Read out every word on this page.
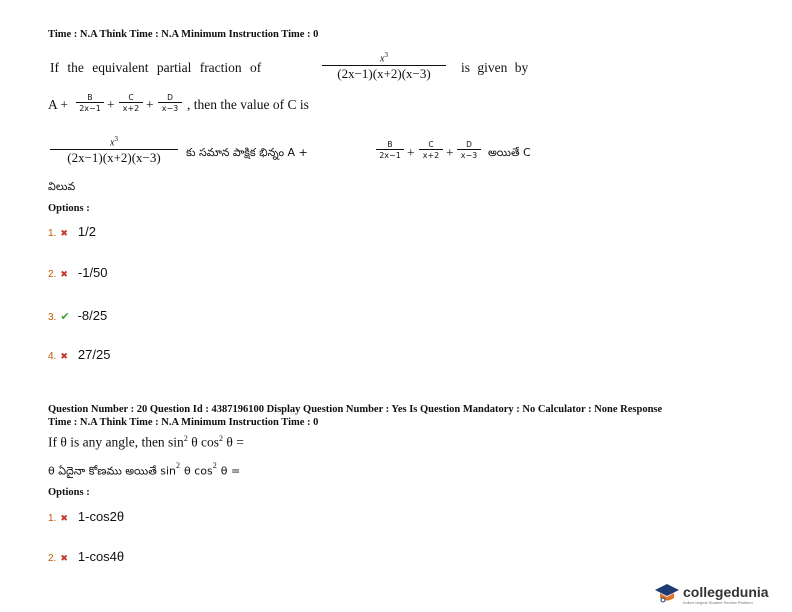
Time : N.A Think Time : N.A Minimum Instruction Time : 0
If the equivalent partial fraction of
$x^3$
(2x−1)(x+2)(x−3)	is given by
A +	B
2x−1 +	C
x+2 +	D
x−3 , then the value of C is
$x^3$
(2x−1)(x+2)(x−3)	కు సమాన పాక్షిక భిన్నం A +
B
2x−1 +
C
x+2 +
D
x−3 అయితే C
విలువ
Options :
1. ✖ 1/2
2. ✖ -1/50
3. ✔ -8/25
4. ✖ 27/25
Question Number : 20 Question Id : 4387196100 Display Question Number : Yes Is Question Mandatory : No Calculator : None Response
Time : N.A Think Time : N.A Minimum Instruction Time : 0
If θ is any angle, then $\sin^2 \theta$ $\cos^2 \theta$ =
θ ఏదైనా కోణము అయితే $\sin^2 \theta$ $\cos^2 \theta$ =
Options :
1. ✖ 1-cos2θ
2. ✖ 1-cos4θ
collegedunia
India's largest Student Review Platform
